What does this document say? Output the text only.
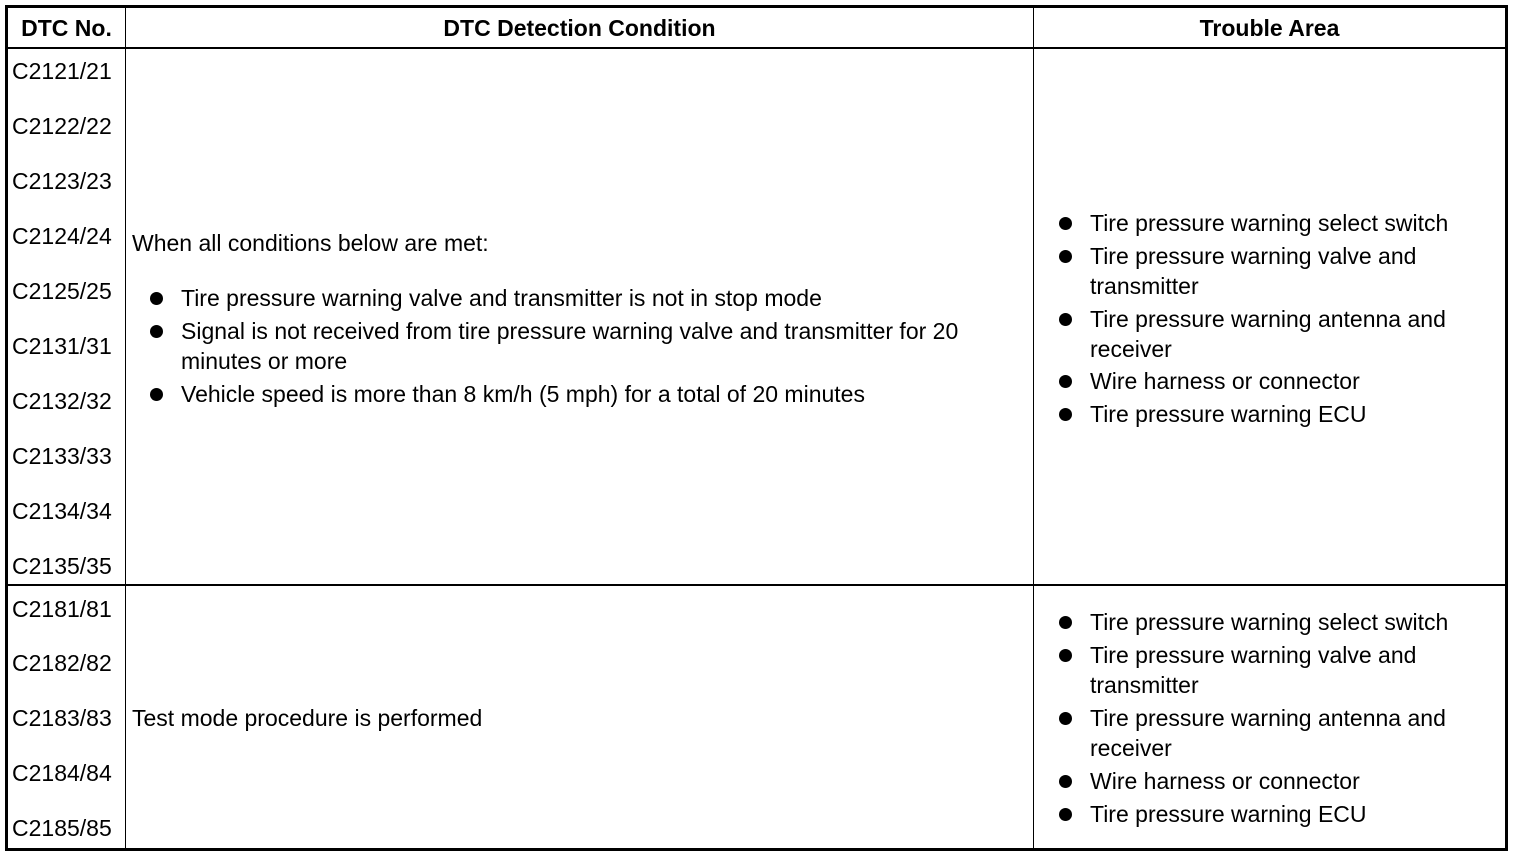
DTC No.	DTC Detection Condition	Trouble Area
C2121/21
C2122/22
C2123/23
C2124/24
C2125/25
C2131/31
C2132/32
C2133/33
C2134/34
C2135/35
When all conditions below are met:
Tire pressure warning valve and transmitter is not in stop mode
Signal is not received from tire pressure warning valve and transmitter for 20
minutes or more
Vehicle speed is more than 8 km/h (5 mph) for a total of 20 minutes
Tire pressure warning select switch
Tire pressure warning valve and
transmitter
Tire pressure warning antenna and
receiver
Wire harness or connector
Tire pressure warning ECU
C2181/81
C2182/82
C2183/83
C2184/84
C2185/85
Test mode procedure is performed
Tire pressure warning select switch
Tire pressure warning valve and
transmitter
Tire pressure warning antenna and
receiver
Wire harness or connector
Tire pressure warning ECU
